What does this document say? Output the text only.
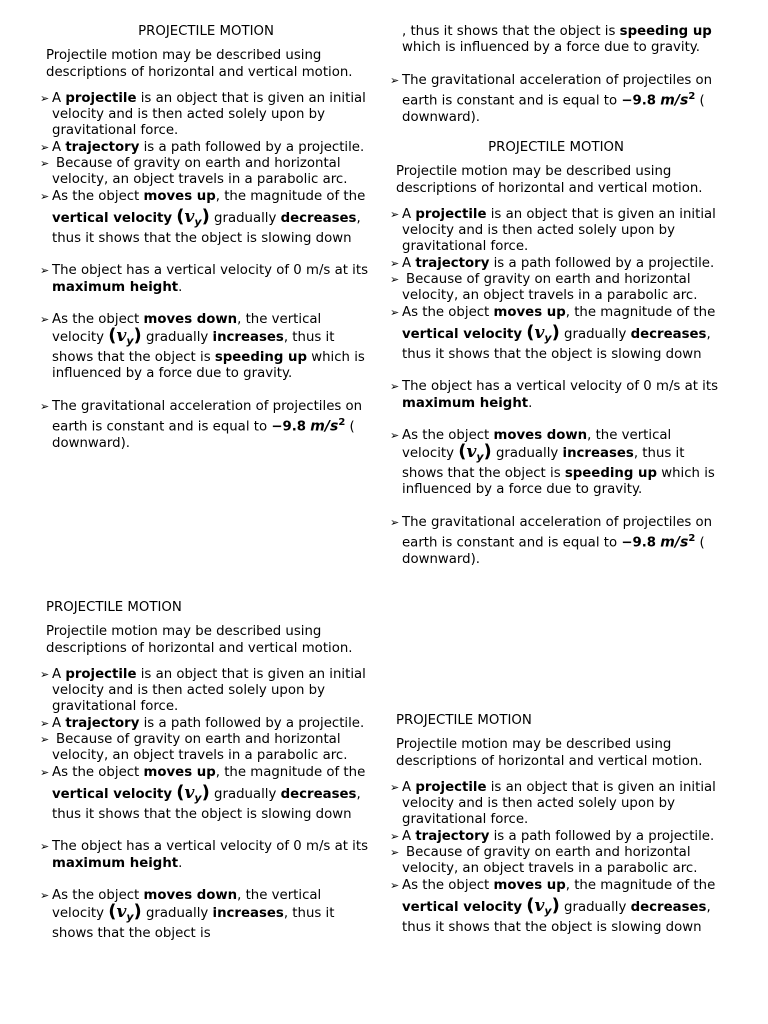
PROJECTILE MOTION

Projectile motion may be described using descriptions of horizontal and vertical motion.

➢ A projectile is an object that is given an initial velocity and is then acted solely upon by gravitational force.
➢ A trajectory is a path followed by a projectile.
➢ Because of gravity on earth and horizontal velocity, an object travels in a parabolic arc.
➢ As the object moves up, the magnitude of the vertical velocity $(v_y)$ gradually decreases, thus it shows that the object is slowing down
➢ The object has a vertical velocity of 0 m/s at its maximum height.
➢ As the object moves down, the vertical velocity $(v_y)$ gradually increases, thus it shows that the object is speeding up which is influenced by a force due to gravity.
➢ The gravitational acceleration of projectiles on earth is constant and is equal to −9.8 $m/s^2$ ( downward).
, thus it shows that the object is speeding up which is influenced by a force due to gravity.
➢ The gravitational acceleration of projectiles on earth is constant and is equal to −9.8 $m/s^2$ ( downward).
PROJECTILE MOTION

Projectile motion may be described using descriptions of horizontal and vertical motion.

➢ A projectile is an object that is given an initial velocity and is then acted solely upon by gravitational force.
➢ A trajectory is a path followed by a projectile.
➢ Because of gravity on earth and horizontal velocity, an object travels in a parabolic arc.
➢ As the object moves up, the magnitude of the vertical velocity $(v_y)$ gradually decreases, thus it shows that the object is slowing down
➢ The object has a vertical velocity of 0 m/s at its maximum height.
➢ As the object moves down, the vertical velocity $(v_y)$ gradually increases, thus it shows that the object is speeding up which is influenced by a force due to gravity.
➢ The gravitational acceleration of projectiles on earth is constant and is equal to −9.8 $m/s^2$ ( downward).
PROJECTILE MOTION

Projectile motion may be described using descriptions of horizontal and vertical motion.

➢ A projectile is an object that is given an initial velocity and is then acted solely upon by gravitational force.
➢ A trajectory is a path followed by a projectile.
➢ Because of gravity on earth and horizontal velocity, an object travels in a parabolic arc.
➢ As the object moves up, the magnitude of the vertical velocity $(v_y)$ gradually decreases, thus it shows that the object is slowing down
➢ The object has a vertical velocity of 0 m/s at its maximum height.
➢ As the object moves down, the vertical velocity $(v_y)$ gradually increases, thus it shows that the object is
PROJECTILE MOTION

Projectile motion may be described using descriptions of horizontal and vertical motion.

➢ A projectile is an object that is given an initial velocity and is then acted solely upon by gravitational force.
➢ A trajectory is a path followed by a projectile.
➢ Because of gravity on earth and horizontal velocity, an object travels in a parabolic arc.
➢ As the object moves up, the magnitude of the vertical velocity $(v_y)$ gradually decreases, thus it shows that the object is slowing down
